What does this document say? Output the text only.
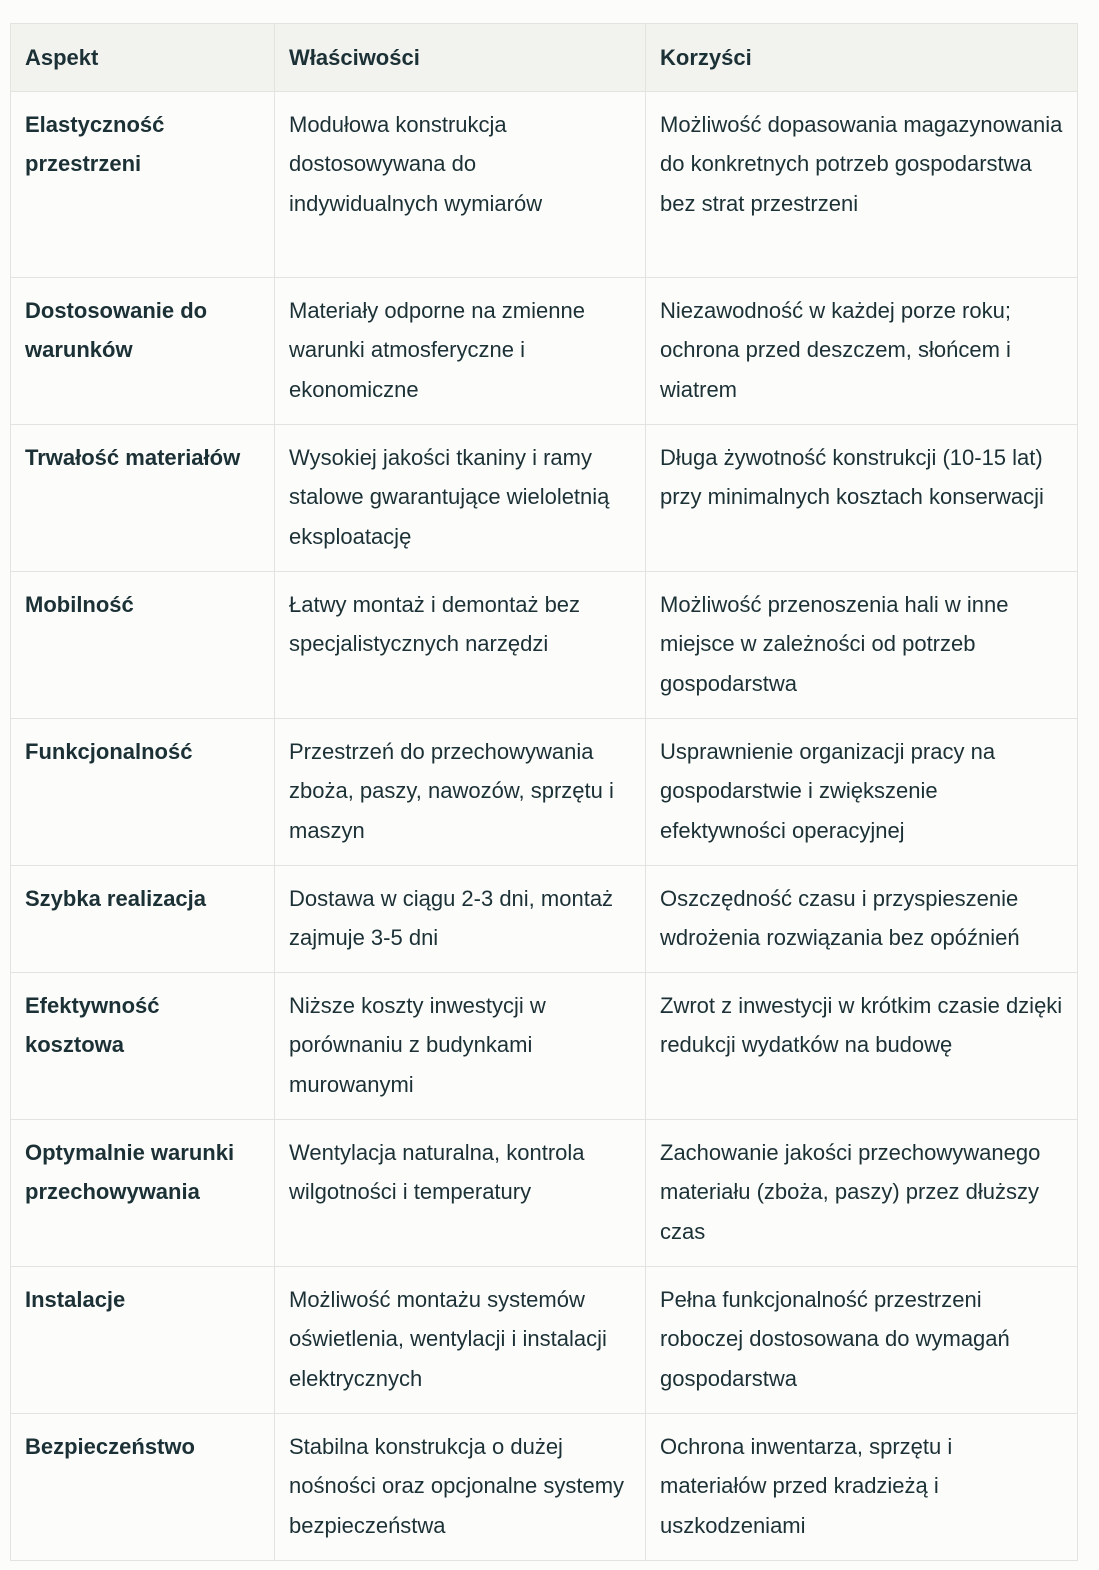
Aspekt	Właściwości	Korzyści
Elastyczność przestrzeni	Modułowa konstrukcja dostosowywana do indywidualnych wymiarów	Możliwość dopasowania magazynowania do konkretnych potrzeb gospodarstwa bez strat przestrzeni
Dostosowanie do warunków	Materiały odporne na zmienne warunki atmosferyczne i ekonomiczne	Niezawodność w każdej porze roku; ochrona przed deszczem, słońcem i wiatrem
Trwałość materiałów	Wysokiej jakości tkaniny i ramy stalowe gwarantujące wieloletnią eksploatację	Długa żywotność konstrukcji (10-15 lat) przy minimalnych kosztach konserwacji
Mobilność	Łatwy montaż i demontaż bez specjalistycznych narzędzi	Możliwość przenoszenia hali w inne miejsce w zależności od potrzeb gospodarstwa
Funkcjonalność	Przestrzeń do przechowywania zboża, paszy, nawozów, sprzętu i maszyn	Usprawnienie organizacji pracy na gospodarstwie i zwiększenie efektywności operacyjnej
Szybka realizacja	Dostawa w ciągu 2-3 dni, montaż zajmuje 3-5 dni	Oszczędność czasu i przyspieszenie wdrożenia rozwiązania bez opóźnień
Efektywność kosztowa	Niższe koszty inwestycji w porównaniu z budynkami murowanymi	Zwrot z inwestycji w krótkim czasie dzięki redukcji wydatków na budowę
Optymalnie warunki przechowywania	Wentylacja naturalna, kontrola wilgotności i temperatury	Zachowanie jakości przechowywanego materiału (zboża, paszy) przez dłuższy czas
Instalacje	Możliwość montażu systemów oświetlenia, wentylacji i instalacji elektrycznych	Pełna funkcjonalność przestrzeni roboczej dostosowana do wymagań gospodarstwa
Bezpieczeństwo	Stabilna konstrukcja o dużej nośności oraz opcjonalne systemy bezpieczeństwa	Ochrona inwentarza, sprzętu i materiałów przed kradzieżą i uszkodzeniami
